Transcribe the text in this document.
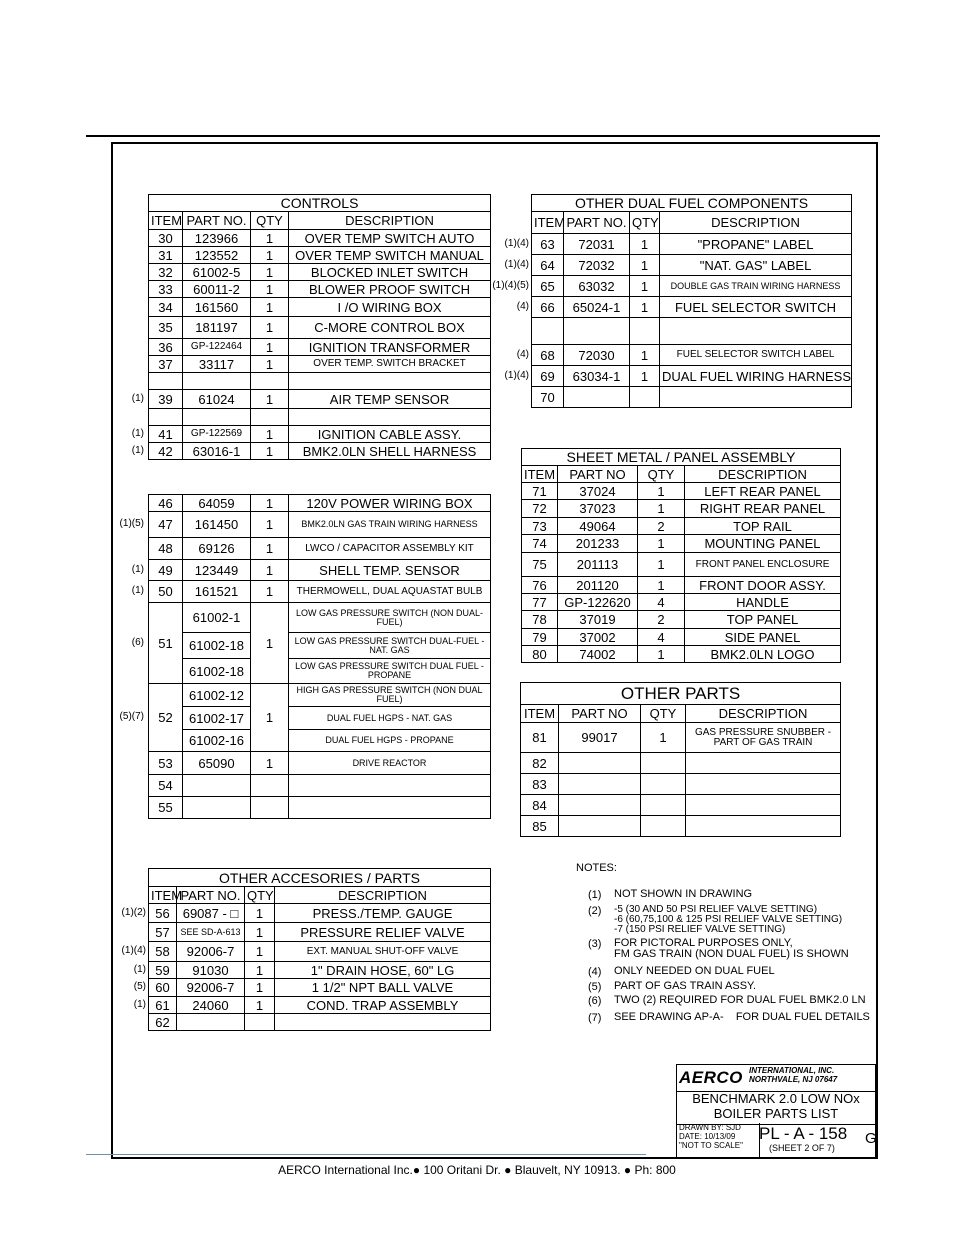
CONTROLS			
ITEM	PART NO.	QTY	DESCRIPTION
30	123966	1	OVER TEMP SWITCH AUTO
31	123552	1	OVER TEMP SWITCH MANUAL
32	61002-5	1	BLOCKED INLET SWITCH
33	60011-2	1	BLOWER PROOF SWITCH
34	161560	1	I /O WIRING BOX
35	181197	1	C-MORE CONTROL BOX
36	GP-122464	1	IGNITION TRANSFORMER
37	33117	1	OVER TEMP. SWITCH BRACKET

39	61024	1	AIR TEMP SENSOR

41	GP-122569	1	IGNITION CABLE ASSY.
42	63016-1	1	BMK2.0LN SHELL HARNESS
46	64059	1	120V POWER WIRING BOX
47	161450	1	BMK2.0LN GAS TRAIN WIRING HARNESS
48	69126	1	LWCO / CAPACITOR ASSEMBLY KIT
49	123449	1	SHELL TEMP. SENSOR
50	161521	1	THERMOWELL, DUAL AQUASTAT BULB
51	61002-1	1	LOW GAS PRESSURE SWITCH (NON DUAL-FUEL)
	61002-18		LOW GAS PRESSURE SWITCH DUAL-FUEL - NAT. GAS
	61002-18		LOW GAS PRESSURE SWITCH DUAL FUEL - PROPANE
52	61002-12	1	HIGH GAS PRESSURE SWITCH (NON DUAL FUEL)
	61002-17		DUAL FUEL HGPS - NAT. GAS
	61002-16		DUAL FUEL HGPS - PROPANE
53	65090	1	DRIVE REACTOR
54			
55			
OTHER ACCESORIES / PARTS			
ITEM	PART NO.	QTY	DESCRIPTION
56	69087 - □	1	PRESS./TEMP. GAUGE
57	SEE SD-A-613	1	PRESSURE RELIEF VALVE
58	92006-7	1	EXT. MANUAL SHUT-OFF VALVE
59	91030	1	1" DRAIN HOSE, 60" LG
60	92006-7	1	1 1/2" NPT BALL VALVE
61	24060	1	COND. TRAP ASSEMBLY
62			
OTHER DUAL FUEL COMPONENTS			
ITEM	PART NO.	QTY	DESCRIPTION
63	72031	1	"PROPANE" LABEL
64	72032	1	"NAT. GAS" LABEL
65	63032	1	DOUBLE GAS TRAIN WIRING HARNESS
66	65024-1	1	FUEL SELECTOR SWITCH

68	72030	1	FUEL SELECTOR SWITCH LABEL
69	63034-1	1	DUAL FUEL WIRING HARNESS
70			
SHEET METAL / PANEL ASSEMBLY			
ITEM	PART NO	QTY	DESCRIPTION
71	37024	1	LEFT REAR PANEL
72	37023	1	RIGHT REAR PANEL
73	49064	2	TOP RAIL
74	201233	1	MOUNTING PANEL
75	201113	1	FRONT PANEL ENCLOSURE
76	201120	1	FRONT DOOR ASSY.
77	GP-122620	4	HANDLE
78	37019	2	TOP PANEL
79	37002	4	SIDE PANEL
80	74002	1	BMK2.0LN LOGO
OTHER PARTS			
ITEM	PART NO	QTY	DESCRIPTION
81	99017	1	GAS PRESSURE SNUBBER - PART OF GAS TRAIN
82			
83			
84			
85			
NOTES:
AERCO INTERNATIONAL, INC.
NORTHVALE, NJ 07647
BENCHMARK 2.0 LOW NOx
BOILER PARTS LIST
DRAWN BY: SJD
DATE: 10/13/09
"NOT TO SCALE"
PL - A - 158
(SHEET 2 OF 7)
G
AERCO International Inc.● 100 Oritani Dr. ● Blauvelt, NY 10913. ● Ph: 800
(1)
(1)
(1)
(1)(5)
(1)
(1)
(6)
(5)(7)
(1)(2)
(1)(4)
(1)
(5)
(1)
(1)(4)
(1)(4)
(1)(4)(5)
(4)
(4)
(1)(4)
(1)	NOT SHOWN IN DRAWING
(2)	-5 (30 AND 50 PSI RELIEF VALVE SETTING)
-6 (60,75,100 & 125 PSI RELIEF VALVE SETTING)
-7 (150 PSI RELIEF VALVE SETTING)
(3)	FOR PICTORAL PURPOSES ONLY,
FM GAS TRAIN (NON DUAL FUEL) IS SHOWN
(4)	ONLY NEEDED ON DUAL FUEL
(5)	PART OF GAS TRAIN ASSY.
(6)	TWO (2) REQUIRED FOR DUAL FUEL BMK2.0 LN
(7)	SEE DRAWING AP-A-    FOR DUAL FUEL DETAILS
